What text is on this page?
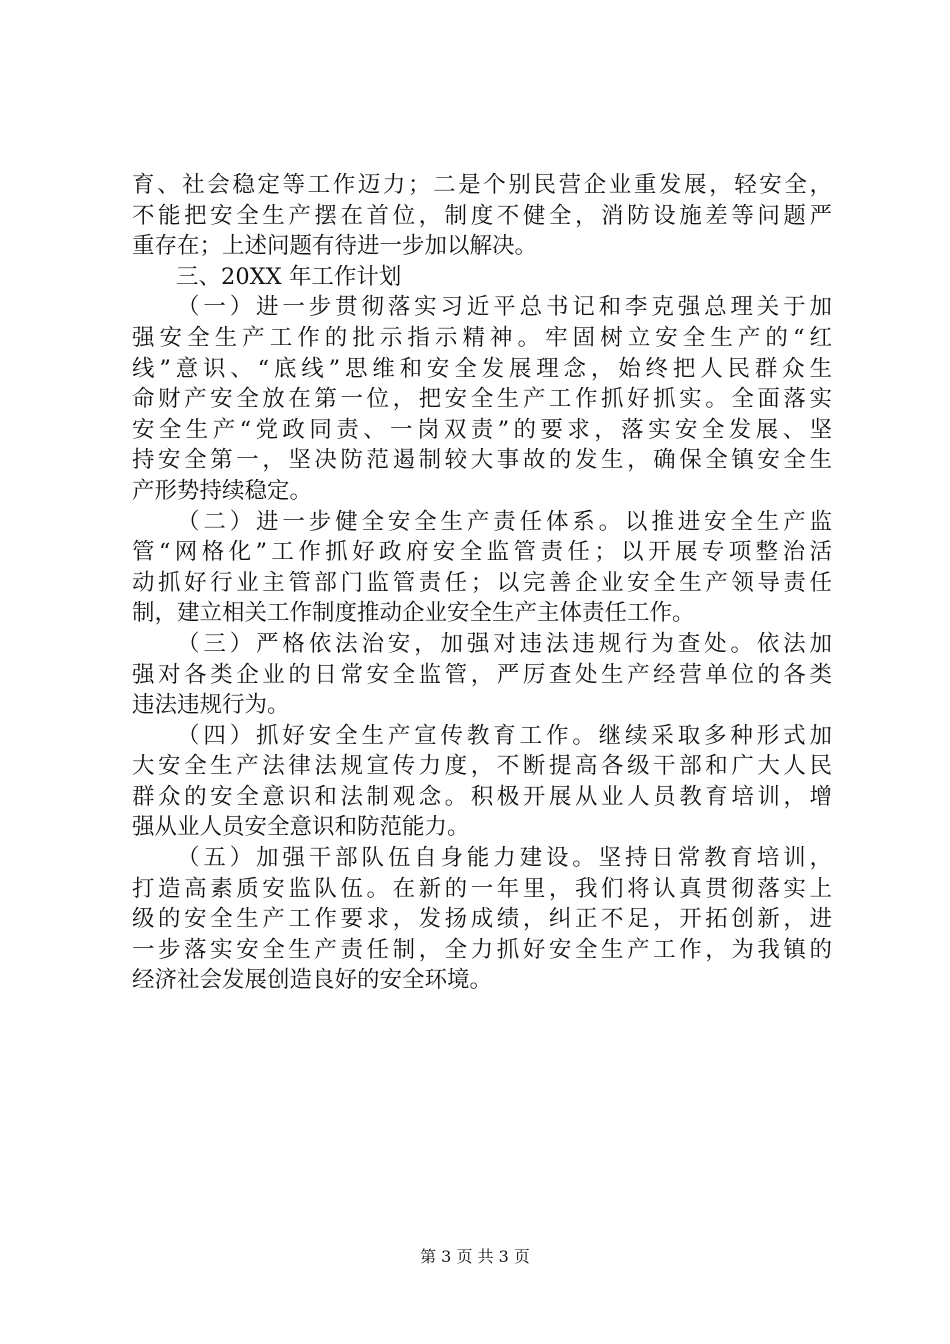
育、社会稳定等工作迈力；二是个别民营企业重发展，轻安全，
不能把安全生产摆在首位，制度不健全，消防设施差等问题严
重存在；上述问题有待进一步加以解决。
三、20XX 年工作计划
（一）进一步贯彻落实习近平总书记和李克强总理关于加
强安全生产工作的批示指示精神。牢固树立安全生产的“红
线”意识、“底线”思维和安全发展理念，始终把人民群众生
命财产安全放在第一位，把安全生产工作抓好抓实。全面落实
安全生产“党政同责、一岗双责”的要求，落实安全发展、坚
持安全第一，坚决防范遏制较大事故的发生，确保全镇安全生
产形势持续稳定。
（二）进一步健全安全生产责任体系。以推进安全生产监
管“网格化”工作抓好政府安全监管责任；以开展专项整治活
动抓好行业主管部门监管责任；以完善企业安全生产领导责任
制，建立相关工作制度推动企业安全生产主体责任工作。
（三）严格依法治安，加强对违法违规行为查处。依法加
强对各类企业的日常安全监管，严厉查处生产经营单位的各类
违法违规行为。
（四）抓好安全生产宣传教育工作。继续采取多种形式加
大安全生产法律法规宣传力度，不断提高各级干部和广大人民
群众的安全意识和法制观念。积极开展从业人员教育培训，增
强从业人员安全意识和防范能力。
（五）加强干部队伍自身能力建设。坚持日常教育培训，
打造高素质安监队伍。在新的一年里，我们将认真贯彻落实上
级的安全生产工作要求，发扬成绩，纠正不足，开拓创新，进
一步落实安全生产责任制，全力抓好安全生产工作，为我镇的
经济社会发展创造良好的安全环境。
第 3 页 共 3 页
